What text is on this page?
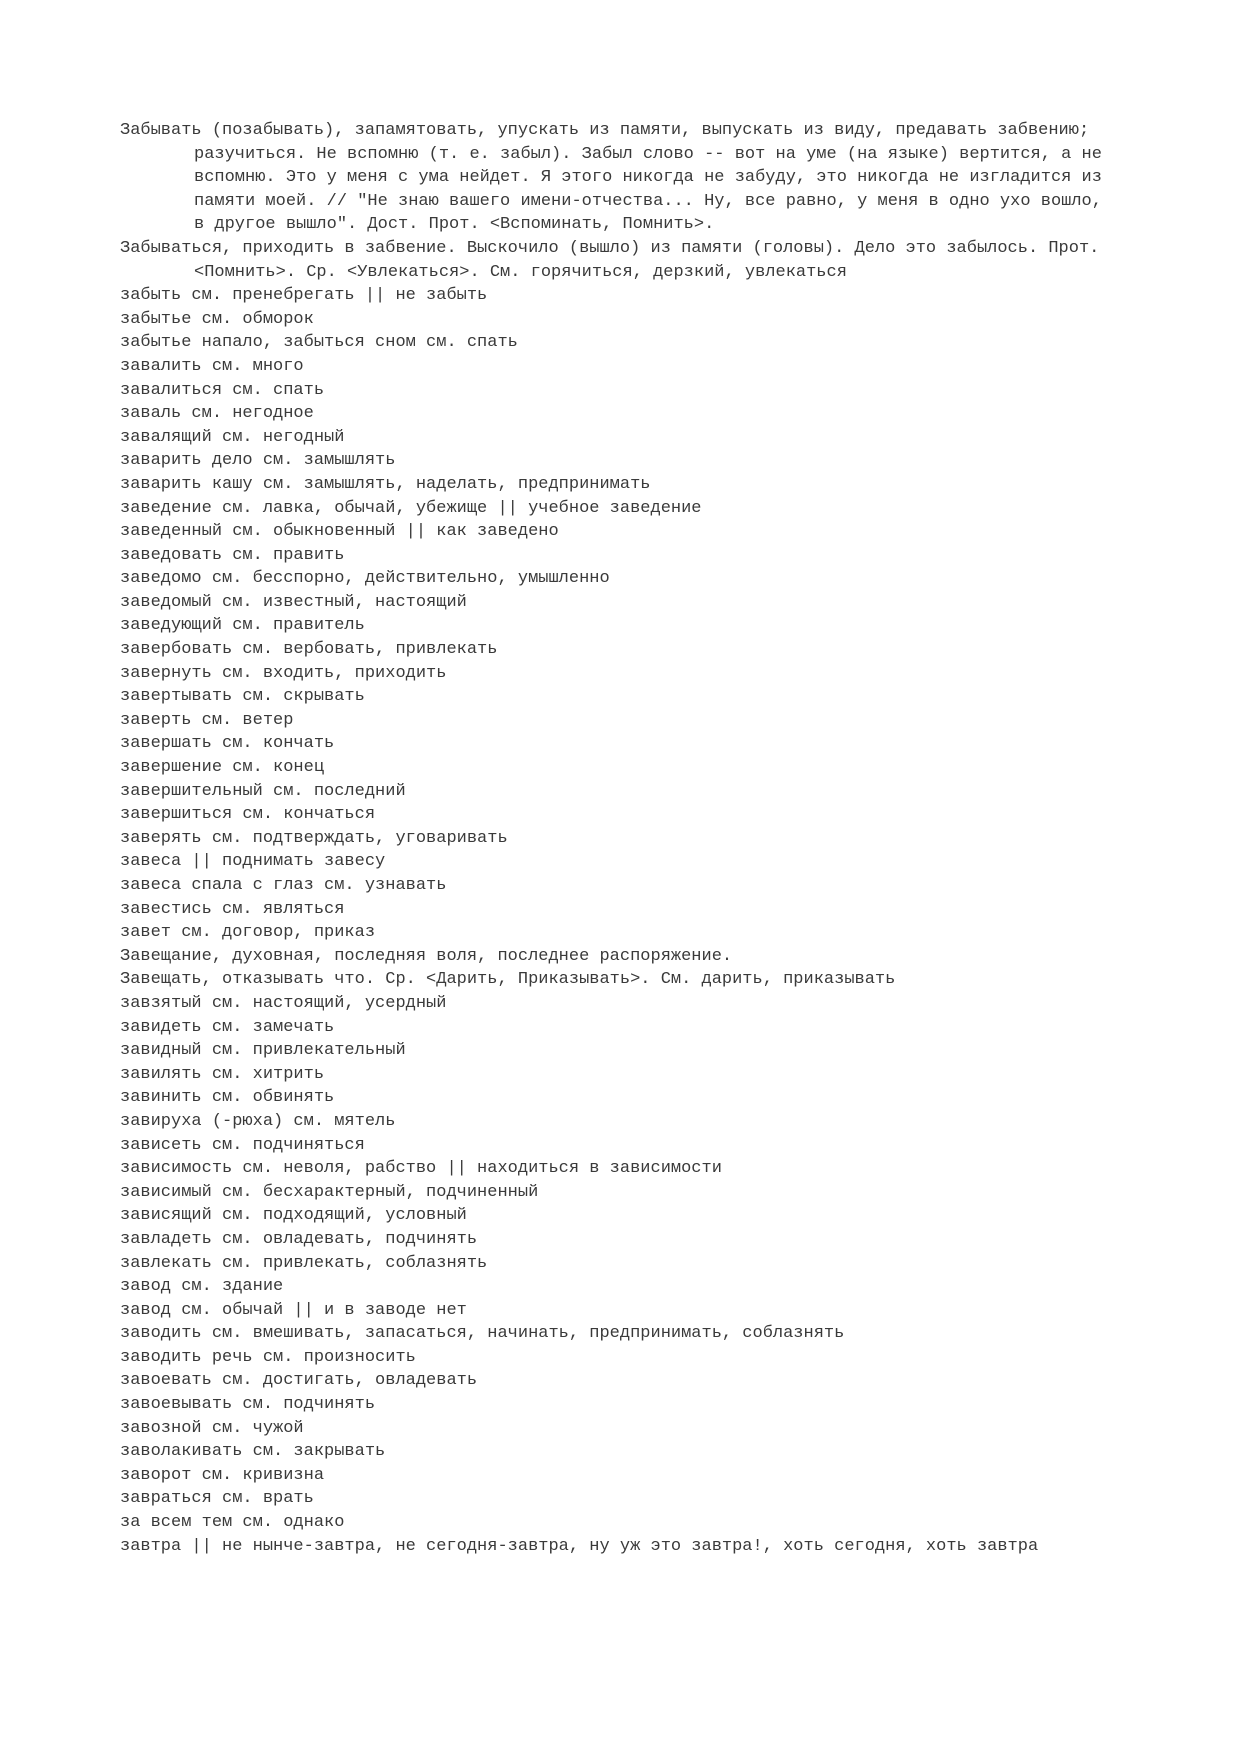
Забывать (позабывать), запамятовать, упускать из памяти, выпускать из виду, предавать забвению; разучиться. Не вспомню (т. е. забыл). Забыл слово -- вот на уме (на языке) вертится, а не вспомню. Это у меня с ума нейдет. Я этого никогда не забуду, это никогда не изгладится из памяти моей. // "Не знаю вашего имени-отчества... Ну, все равно, у меня в одно ухо вошло, в другое вышло". Дост. Прот. <Вспоминать, Помнить>.
Забываться, приходить в забвение. Выскочило (вышло) из памяти (головы). Дело это забылось. Прот. <Помнить>. Ср. <Увлекаться>. См. горячиться, дерзкий, увлекаться
забыть см. пренебрегать || не забыть
забытье см. обморок
забытье напало, забыться сном см. спать
завалить см. много
завалиться см. спать
заваль см. негодное
завалящий см. негодный
заварить дело см. замышлять
заварить кашу см. замышлять, наделать, предпринимать
заведение см. лавка, обычай, убежище || учебное заведение
заведенный см. обыкновенный || как заведено
заведовать см. править
заведомо см. бесспорно, действительно, умышленно
заведомый см. известный, настоящий
заведующий см. правитель
завербовать см. вербовать, привлекать
завернуть см. входить, приходить
завертывать см. скрывать
заверть см. ветер
завершать см. кончать
завершение см. конец
завершительный см. последний
завершиться см. кончаться
заверять см. подтверждать, уговаривать
завеса || поднимать завесу
завеса спала с глаз см. узнавать
завестись см. являться
завет см. договор, приказ
Завещание, духовная, последняя воля, последнее распоряжение.
Завещать, отказывать что. Ср. <Дарить, Приказывать>. См. дарить, приказывать
завзятый см. настоящий, усердный
завидеть см. замечать
завидный см. привлекательный
завилять см. хитрить
завинить см. обвинять
завируха (-рюха) см. мятель
зависеть см. подчиняться
зависимость см. неволя, рабство || находиться в зависимости
зависимый см. бесхарактерный, подчиненный
зависящий см. подходящий, условный
завладеть см. овладевать, подчинять
завлекать см. привлекать, соблазнять
завод см. здание
завод см. обычай || и в заводе нет
заводить см. вмешивать, запасаться, начинать, предпринимать, соблазнять
заводить речь см. произносить
завоевать см. достигать, овладевать
завоевывать см. подчинять
завозной см. чужой
заволакивать см. закрывать
заворот см. кривизна
завраться см. врать
за всем тем см. однако
завтра || не нынче-завтра, не сегодня-завтра, ну уж это завтра!, хоть сегодня, хоть завтра
